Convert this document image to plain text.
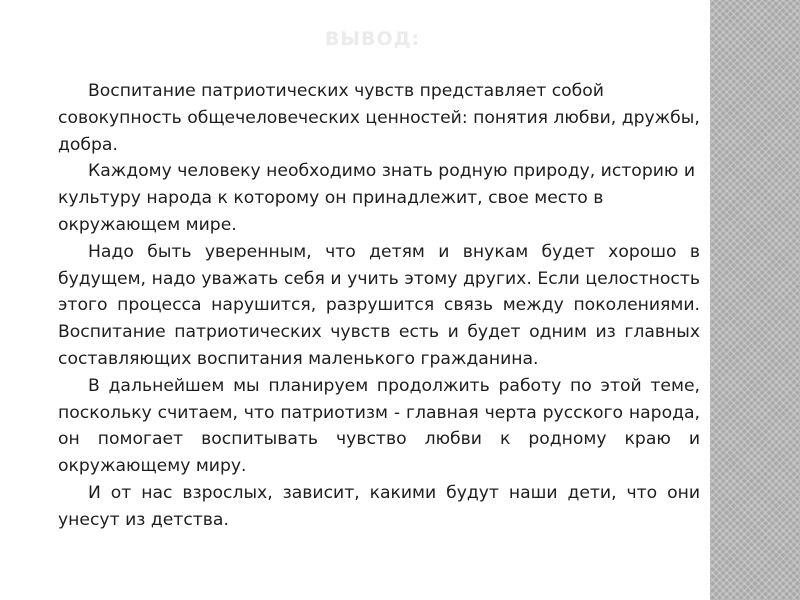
ВЫВОД:

Воспитание патриотических чувств представляет собой совокупность общечеловеческих ценностей: понятия любви, дружбы, добра.

Каждому человеку необходимо знать родную природу, историю и культуру народа к которому он принадлежит, свое место в окружающем мире.

Надо быть уверенным, что детям и внукам будет хорошо в будущем, надо уважать себя и учить этому других. Если целостность этого процесса нарушится, разрушится связь между поколениями. Воспитание патриотических чувств есть и будет одним из главных составляющих воспитания маленького гражданина.

В дальнейшем мы планируем продолжить работу по этой теме, поскольку считаем, что патриотизм - главная черта русского народа, он помогает воспитывать чувство любви к родному краю и окружающему миру.

И от нас взрослых, зависит, какими будут наши дети, что они унесут из детства.
